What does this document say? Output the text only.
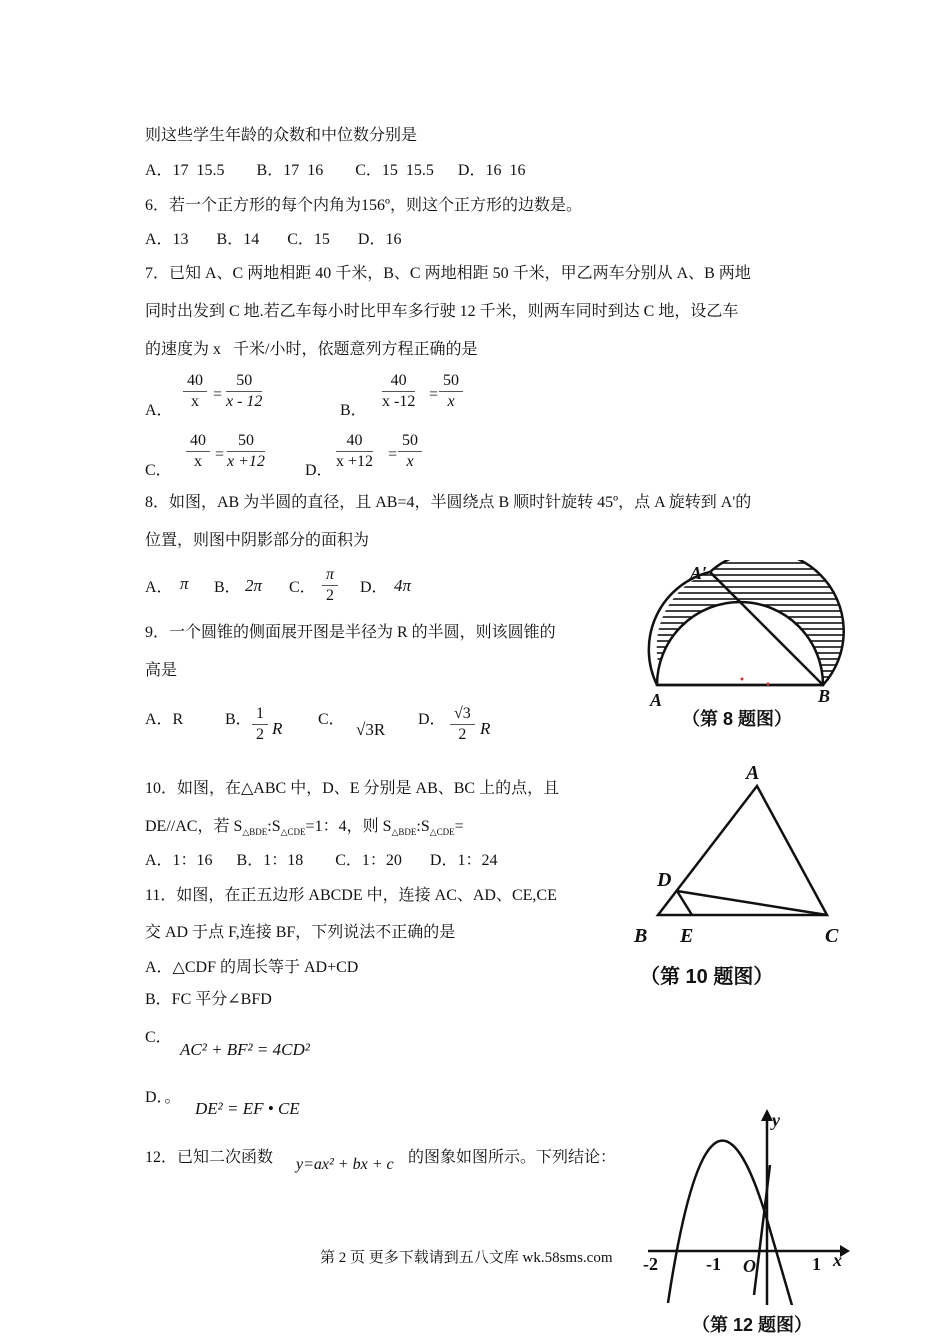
则这些学生年龄的众数和中位数分别是
A．17  15.5        B．17  16        C．15  15.5      D．16  16
6．若一个正方形的每个内角为156º，则这个正方形的边数是。
A．13       B．14       C．15       D．16
7．已知 A、C 两地相距 40 千米，B、C 两地相距 50 千米，甲乙两车分别从 A、B 两地
同时出发到 C 地.若乙车每小时比甲车多行驶 12 千米，则两车同时到达 C 地，设乙车
的速度为 x   千米/小时，依题意列方程正确的是
A．
40
x =
50
x - 12
B．
40
x -12 =
50
x
C．
40
x =
50
x +12
D．
40
x +12 =
50
x
8．如图，AB 为半圆的直径，且 AB=4，半圆绕点 B 顺时针旋转 45º，点 A 旋转到 A'的
位置，则图中阴影部分的面积为
A． π B． 2π C．
π
2 D． 4π
A′
A	B
（第 8 题图）
9．一个圆锥的侧面展开图是半径为 R 的半圆，则该圆锥的
高是
A．R	B． 1
2 R C．
√3R
D． √3
2 R
10．如图，在△ABC 中，D、E 分别是 AB、BC 上的点，且
DE//AC，若 $S_{\triangle BDE}:S_{\triangle CDE}=1$：4，则 $S_{\triangle BDE}:S_{\triangle CDE}=$
A．1：16      B．1：18        C．1：20       D．1：24
A
D
B E	C
（第 10 题图）
11．如图，在正五边形 ABCDE 中，连接 AC、AD、CE,CE
交 AD 于点 F,连接 BF，下列说法不正确的是
A．△CDF 的周长等于 AD+CD
B．FC 平分∠BFD
C．
AC² + BF² = 4CD²
D．。
DE² = EF • CE
12．已知二次函数 y=ax² + bx + c 的图象如图所示。下列结论：
y
x
-2	-1 O	1
（第 12 题图）
第 2 页 更多下载请到五八文库 wk.58sms.com
